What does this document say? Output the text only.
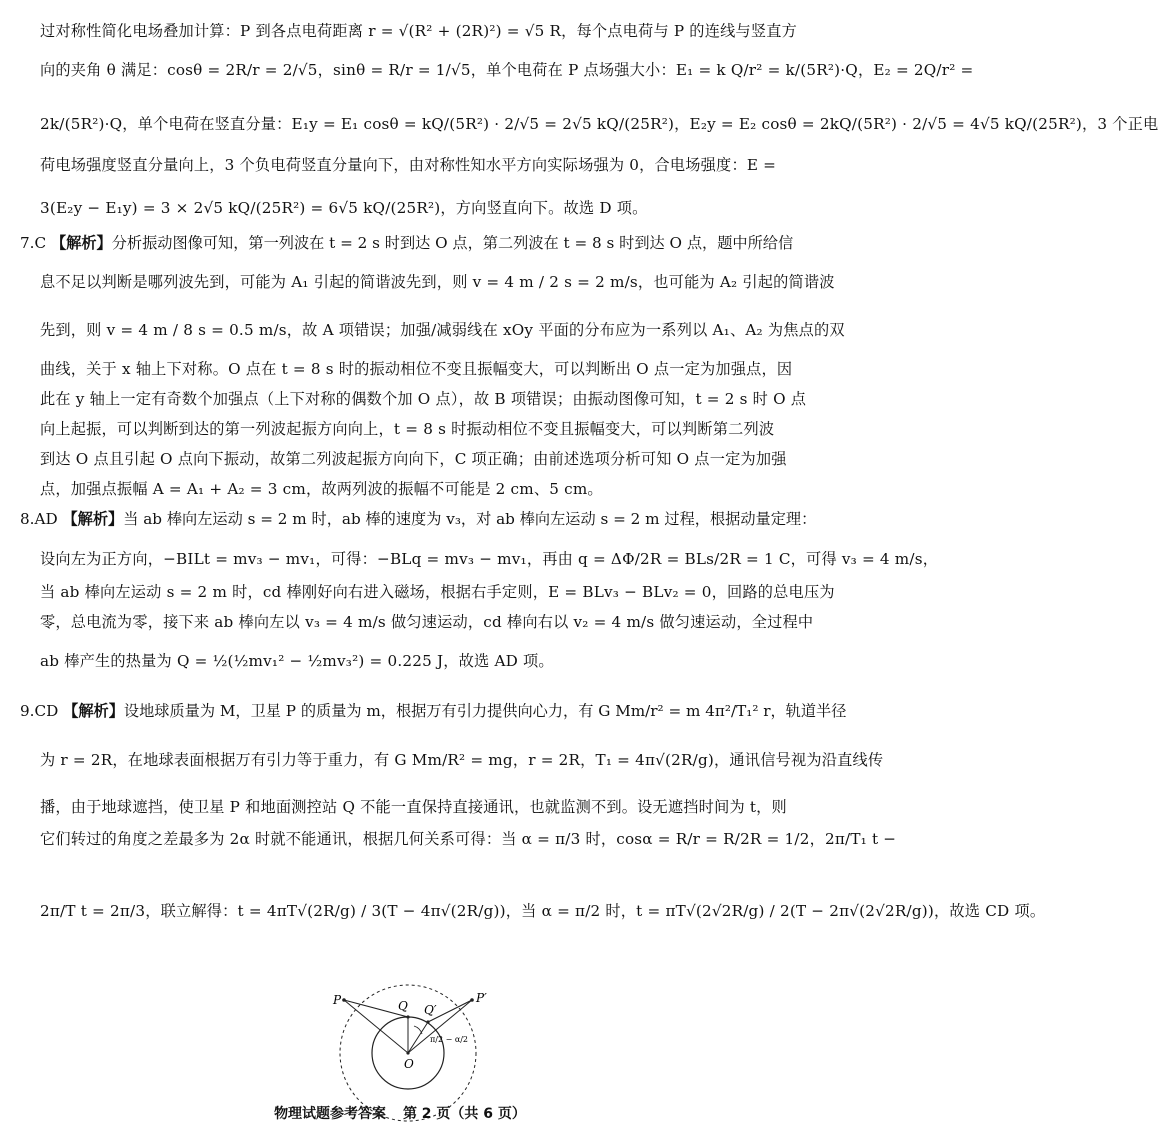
过对称性简化电场叠加计算：P 到各点电荷距离 r = √(R² + (2R)²) = √5 R，每个点电荷与 P 的连线与竖直方
向的夹角 θ 满足：cosθ = 2R/r = 2/√5，sinθ = R/r = 1/√5，单个电荷在 P 点场强大小：E₁ = k Q/r² = k/(5R²)·Q，E₂ = 2Q/r² =
2k/(5R²)·Q，单个电荷在竖直分量：E₁y = E₁ cosθ = kQ/(5R²) · 2/√5 = 2√5 kQ/(25R²)，E₂y = E₂ cosθ = 2kQ/(5R²) · 2/√5 = 4√5 kQ/(25R²)，3 个正电
荷电场强度竖直分量向上，3 个负电荷竖直分量向下，由对称性知水平方向实际场强为 0，合电场强度：E =
3(E₂y − E₁y) = 3 × 2√5 kQ/(25R²) = 6√5 kQ/(25R²)，方向竖直向下。故选 D 项。
7.C 【解析】分析振动图像可知，第一列波在 t = 2 s 时到达 O 点，第二列波在 t = 8 s 时到达 O 点，题中所给信
息不足以判断是哪列波先到，可能为 A₁ 引起的简谐波先到，则 v = 4 m / 2 s = 2 m/s，也可能为 A₂ 引起的简谐波
先到，则 v = 4 m / 8 s = 0.5 m/s，故 A 项错误；加强/减弱线在 xOy 平面的分布应为一系列以 A₁、A₂ 为焦点的双
曲线，关于 x 轴上下对称。O 点在 t = 8 s 时的振动相位不变且振幅变大，可以判断出 O 点一定为加强点，因
此在 y 轴上一定有奇数个加强点（上下对称的偶数个加 O 点），故 B 项错误；由振动图像可知，t = 2 s 时 O 点
向上起振，可以判断到达的第一列波起振方向向上，t = 8 s 时振动相位不变且振幅变大，可以判断第二列波
到达 O 点且引起 O 点向下振动，故第二列波起振方向向下，C 项正确；由前述选项分析可知 O 点一定为加强
点，加强点振幅 A = A₁ + A₂ = 3 cm，故两列波的振幅不可能是 2 cm、5 cm。
8.AD 【解析】当 ab 棒向左运动 s = 2 m 时，ab 棒的速度为 v₃，对 ab 棒向左运动 s = 2 m 过程，根据动量定理：
设向左为正方向，−BILt = mv₃ − mv₁，可得：−BLq = mv₃ − mv₁，再由 q = ΔΦ/2R = BLs/2R = 1 C，可得 v₃ = 4 m/s，
当 ab 棒向左运动 s = 2 m 时，cd 棒刚好向右进入磁场，根据右手定则，E = BLv₃ − BLv₂ = 0，回路的总电压为
零，总电流为零，接下来 ab 棒向左以 v₃ = 4 m/s 做匀速运动，cd 棒向右以 v₂ = 4 m/s 做匀速运动，全过程中
ab 棒产生的热量为 Q = ½(½mv₁² − ½mv₃²) = 0.225 J，故选 AD 项。
9.CD 【解析】设地球质量为 M，卫星 P 的质量为 m，根据万有引力提供向心力，有 G Mm/r² = m 4π²/T₁² r，轨道半径
为 r = 2R，在地球表面根据万有引力等于重力，有 G Mm/R² = mg，r = 2R，T₁ = 4π√(2R/g)，通讯信号视为沿直线传
播，由于地球遮挡，使卫星 P 和地面测控站 Q 不能一直保持直接通讯，也就监测不到。设无遮挡时间为 t，则
它们转过的角度之差最多为 2α 时就不能通讯，根据几何关系可得：当 α = π/3 时，cosα = R/r = R/2R = 1/2，2π/T₁ t −
2π/T t = 2π/3，联立解得：t = 4πT√(2R/g) / 3(T − 4π√(2R/g))，当 α = π/2 时，t = πT√(2√2R/g) / 2(T − 2π√(2√2R/g))，故选 CD 项。
P	Q Q′
P′
O
π/2 − α/2
物理试题参考答案 第 2 页（共 6 页）
